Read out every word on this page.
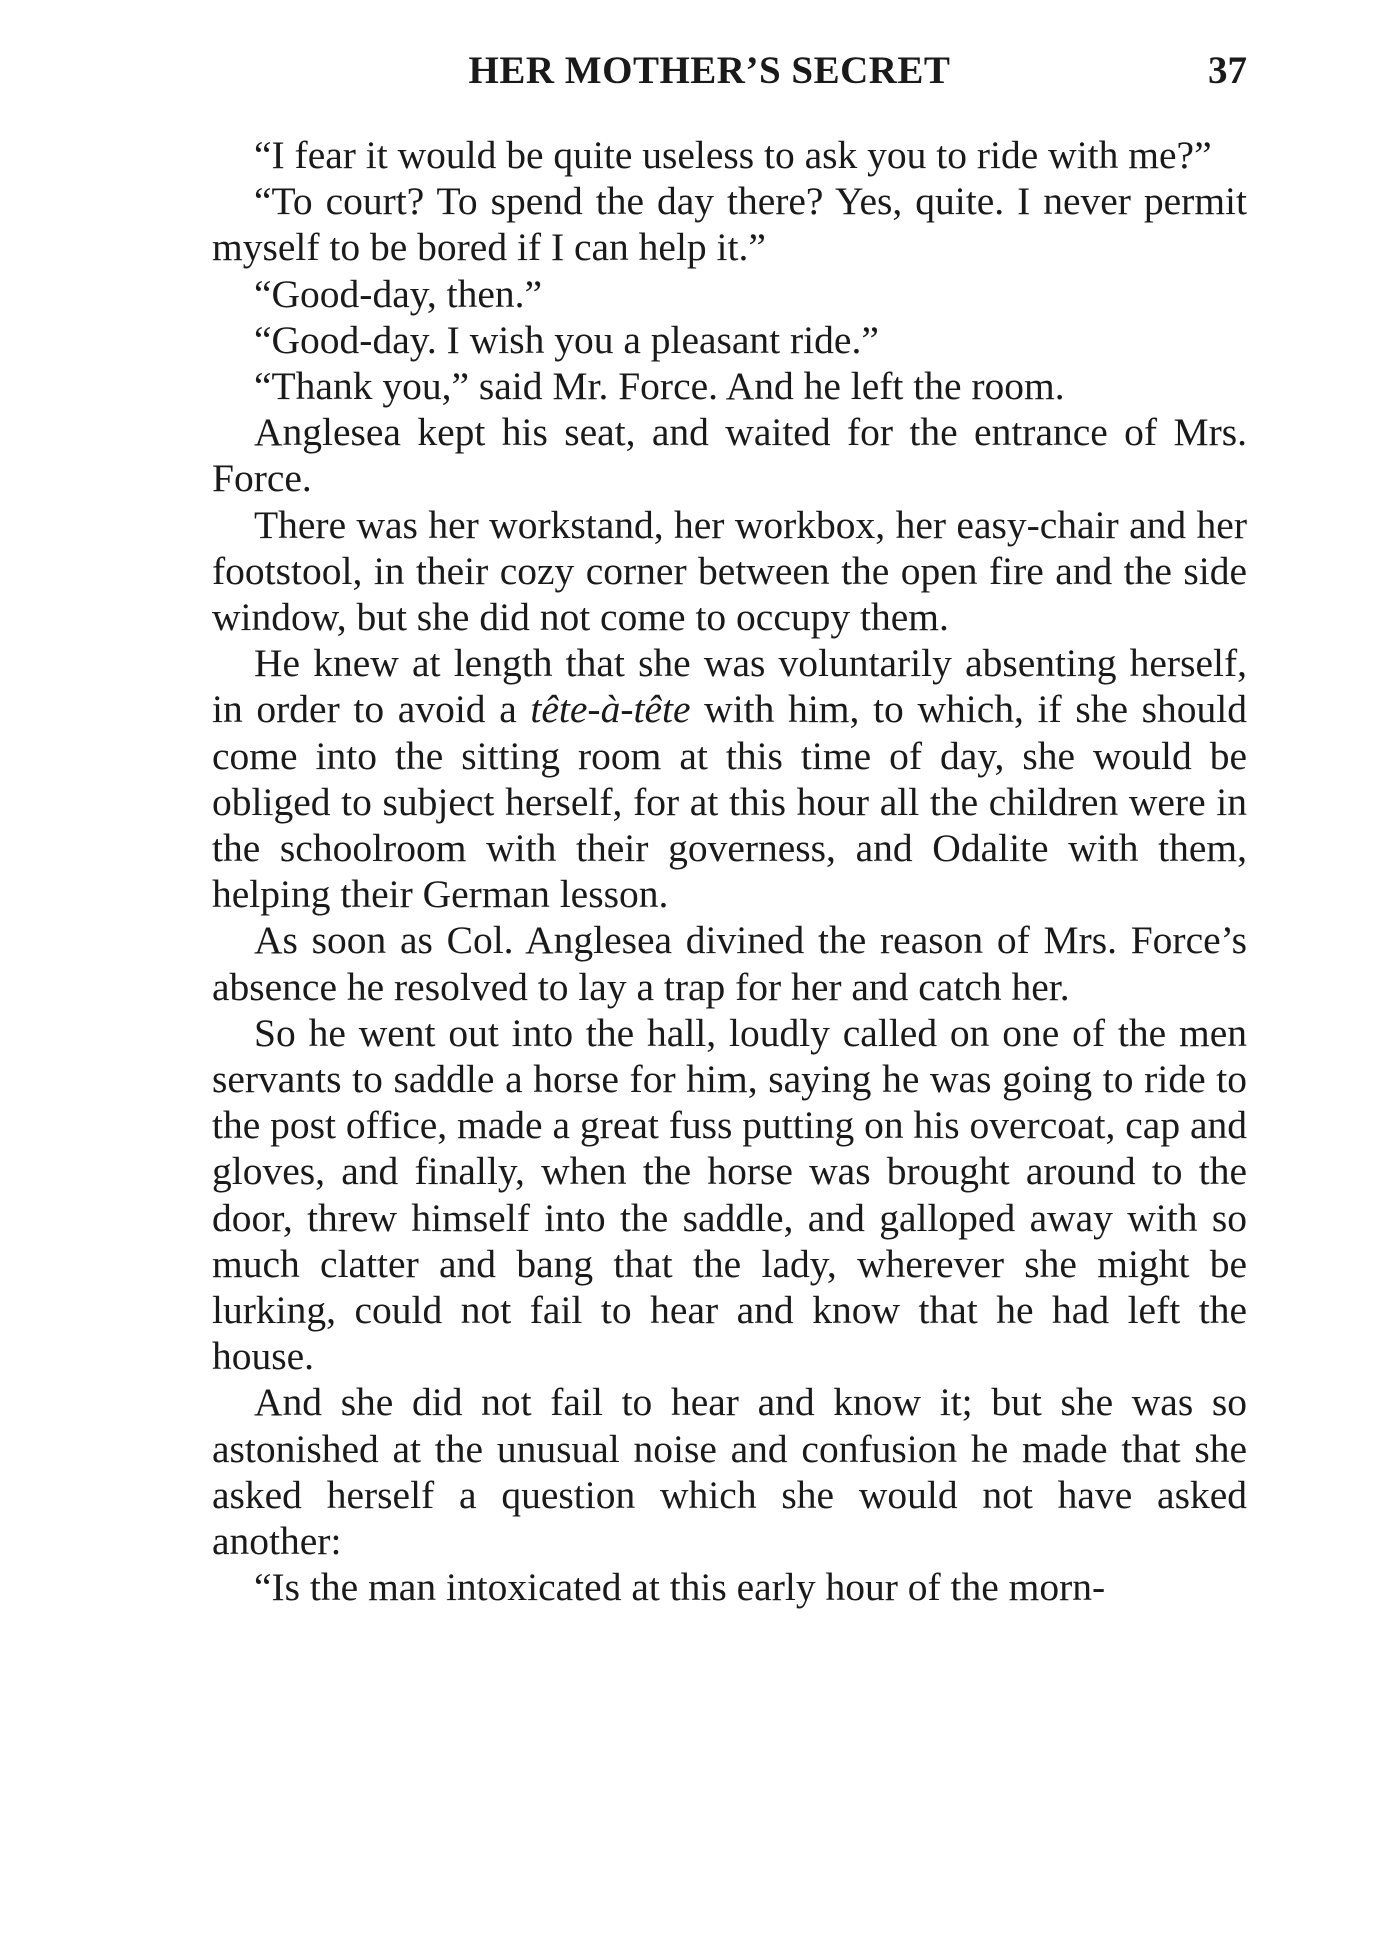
HER MOTHER’S SECRET	37

“I fear it would be quite useless to ask you to ride with me?”

“To court? To spend the day there? Yes, quite. I never permit myself to be bored if I can help it.”

“Good-day, then.”

“Good-day. I wish you a pleasant ride.”

“Thank you,” said Mr. Force. And he left the room.

Anglesea kept his seat, and waited for the entrance of Mrs. Force.

There was her workstand, her workbox, her easy-chair and her footstool, in their cozy corner between the open fire and the side window, but she did not come to occupy them.

He knew at length that she was voluntarily absenting herself, in order to avoid a tête-à-tête with him, to which, if she should come into the sitting room at this time of day, she would be obliged to subject herself, for at this hour all the children were in the schoolroom with their governess, and Odalite with them, helping their German lesson.

As soon as Col. Anglesea divined the reason of Mrs. Force’s absence he resolved to lay a trap for her and catch her.

So he went out into the hall, loudly called on one of the men servants to saddle a horse for him, saying he was going to ride to the post office, made a great fuss putting on his overcoat, cap and gloves, and finally, when the horse was brought around to the door, threw himself into the saddle, and galloped away with so much clatter and bang that the lady, wherever she might be lurking, could not fail to hear and know that he had left the house.

And she did not fail to hear and know it; but she was so astonished at the unusual noise and confusion he made that she asked herself a question which she would not have asked another:

“Is the man intoxicated at this early hour of the morn-
